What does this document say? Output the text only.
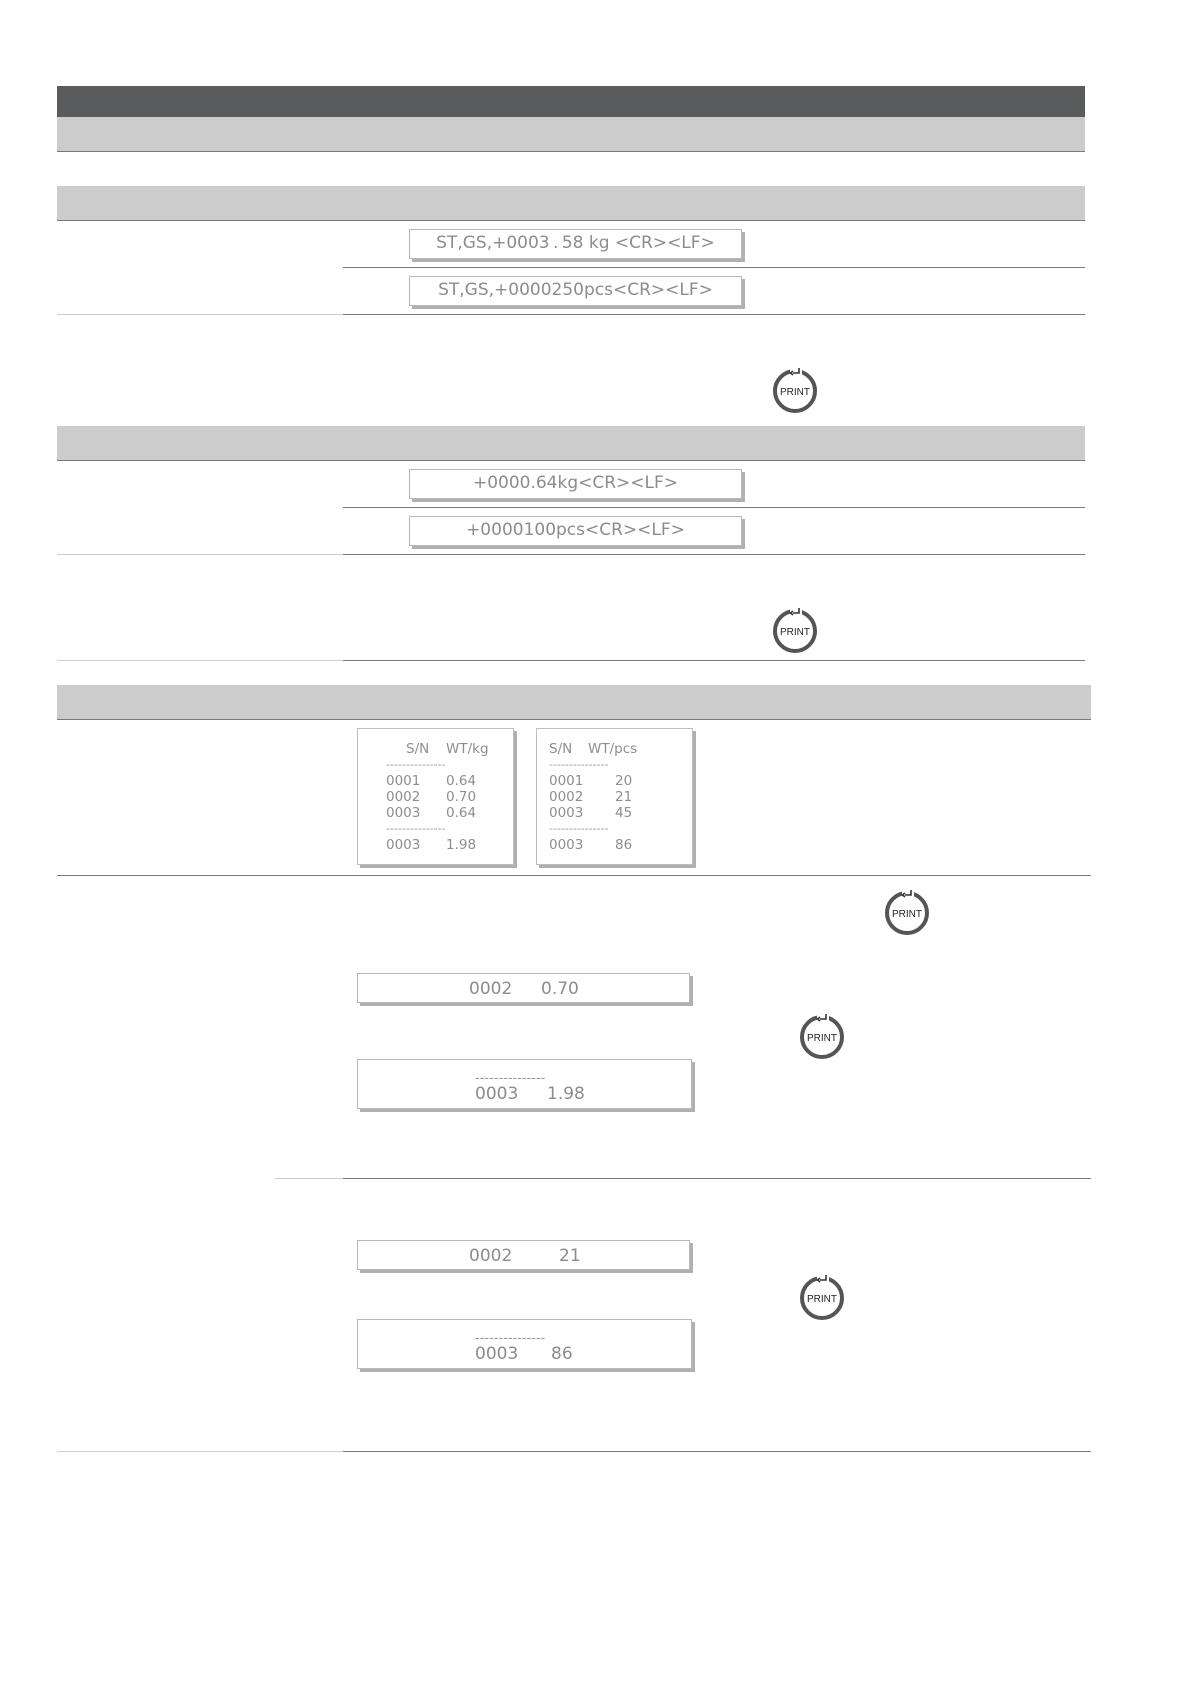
ST,GS,+0003 . 58 kg <CR><LF>
ST,GS,+0000250pcs<CR><LF>
PRINT
+0000.64kg<CR><LF>
+0000100pcs<CR><LF>
PRINT
S/N WT/kg
---------------
0001 0.64
0002 0.70
0003 0.64
---------------
0003 1.98
S/N WT/pcs
---------------
0001 20
0002 21
0003 45
---------------
0003 86
PRINT
0002 0.70
PRINT
---------------
0003 1.98
0002	21
PRINT
---------------
0003 86
